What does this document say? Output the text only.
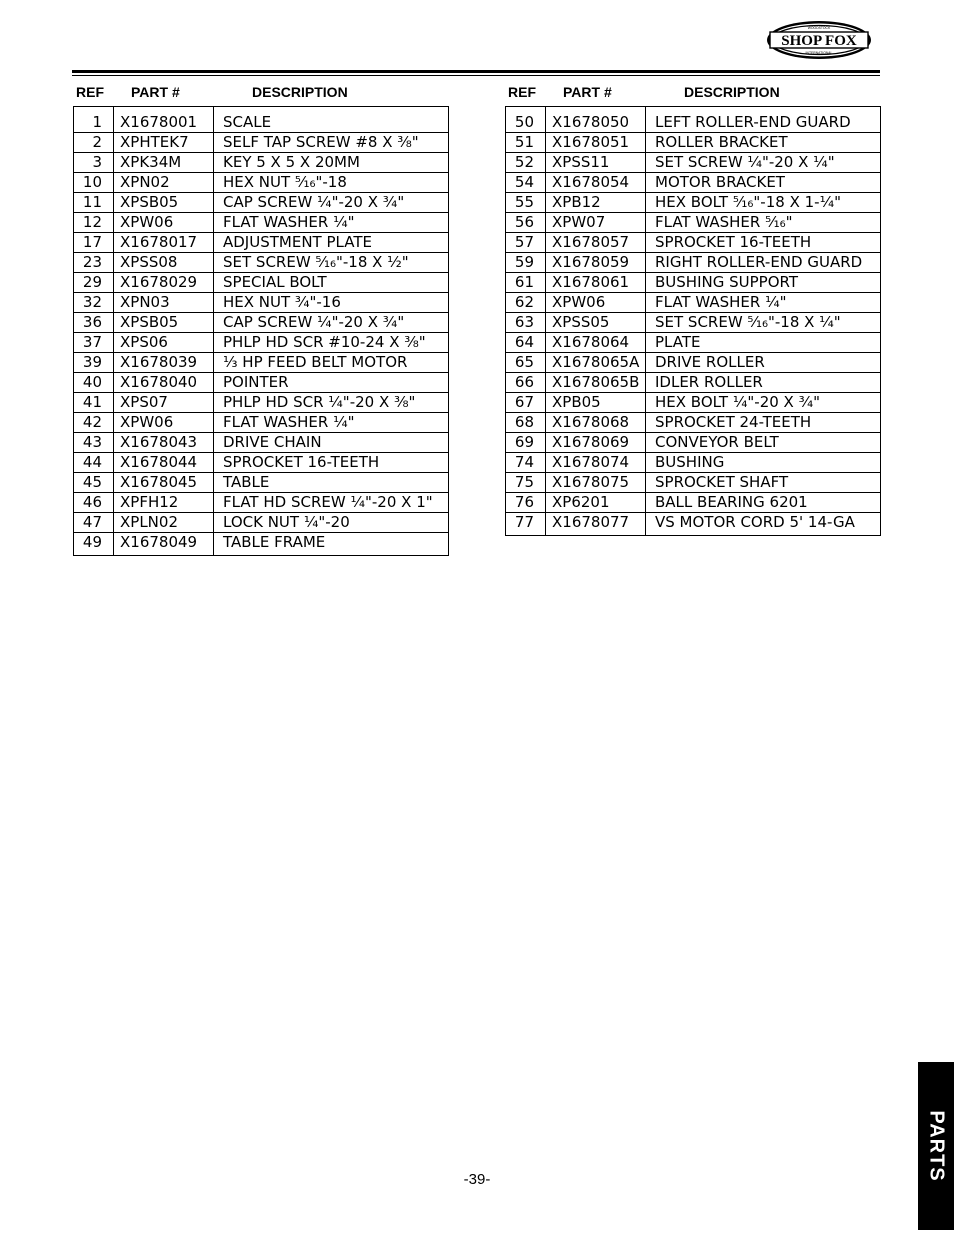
SHOP FOX
WOODSTOCK
INTERNATIONAL
REF PART #	DESCRIPTION	REF PART #	DESCRIPTION

1	X1678001	SCALE
2	XPHTEK7	SELF TAP SCREW #8 X ³⁄₈"
3	XPK34M	KEY 5 X 5 X 20MM
10	XPN02	HEX NUT ⁵⁄₁₆"-18
11	XPSB05	CAP SCREW ¹⁄₄"-20 X ³⁄₄"
12	XPW06	FLAT WASHER ¹⁄₄"
17	X1678017	ADJUSTMENT PLATE
23	XPSS08	SET SCREW ⁵⁄₁₆"-18 X ¹⁄₂"
29	X1678029	SPECIAL BOLT
32	XPN03	HEX NUT ³⁄₄"-16
36	XPSB05	CAP SCREW ¹⁄₄"-20 X ³⁄₄"
37	XPS06	PHLP HD SCR #10-24 X ³⁄₈"
39	X1678039	¹⁄₃ HP FEED BELT MOTOR
40	X1678040	POINTER
41	XPS07	PHLP HD SCR ¹⁄₄"-20 X ³⁄₈"
42	XPW06	FLAT WASHER ¹⁄₄"
43	X1678043	DRIVE CHAIN
44	X1678044	SPROCKET 16-TEETH
45	X1678045	TABLE
46	XPFH12	FLAT HD SCREW ¹⁄₄"-20 X 1"
47	XPLN02	LOCK NUT ¹⁄₄"-20
49	X1678049	TABLE FRAME

50	X1678050	LEFT ROLLER-END GUARD
51	X1678051	ROLLER BRACKET
52	XPSS11	SET SCREW ¹⁄₄"-20 X ¹⁄₄"
54	X1678054	MOTOR BRACKET
55	XPB12	HEX BOLT ⁵⁄₁₆"-18 X 1-¹⁄₄"
56	XPW07	FLAT WASHER ⁵⁄₁₆"
57	X1678057	SPROCKET 16-TEETH
59	X1678059	RIGHT ROLLER-END GUARD
61	X1678061	BUSHING SUPPORT
62	XPW06	FLAT WASHER ¹⁄₄"
63	XPSS05	SET SCREW ⁵⁄₁₆"-18 X ¹⁄₄"
64	X1678064	PLATE
65	X1678065A	DRIVE ROLLER
66	X1678065B	IDLER ROLLER
67	XPB05	HEX BOLT ¹⁄₄"-20 X ³⁄₄"
68	X1678068	SPROCKET 24-TEETH
69	X1678069	CONVEYOR BELT
74	X1678074	BUSHING
75	X1678075	SPROCKET SHAFT
76	XP6201	BALL BEARING 6201
77	X1678077	VS MOTOR CORD 5' 14-GA
-39-	PARTS
